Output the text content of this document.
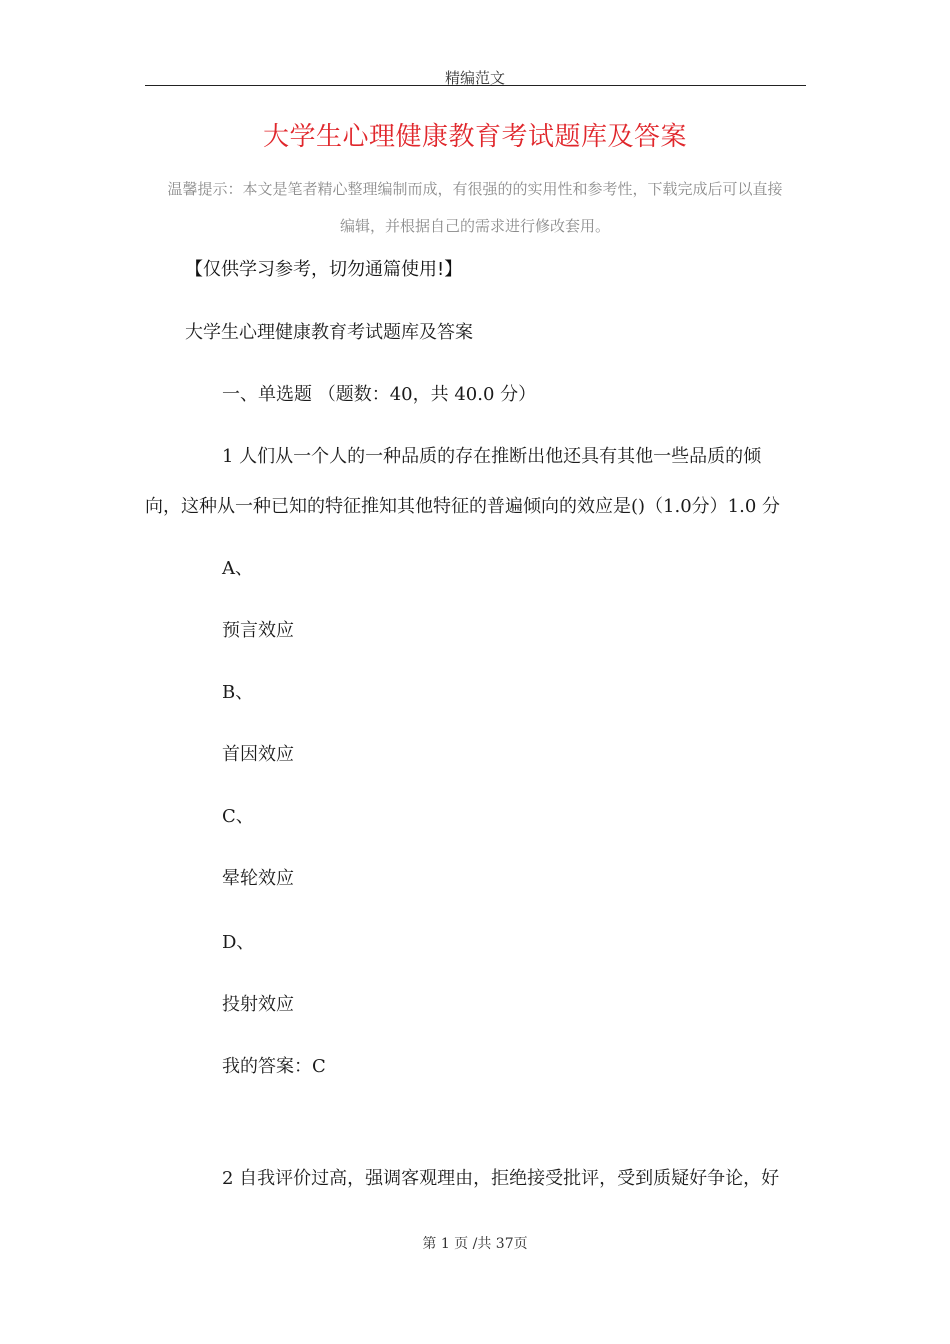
精编范文
大学生心理健康教育考试题库及答案
温馨提示：本文是笔者精心整理编制而成，有很强的的实用性和参考性，下载完成后可以直接
编辑，并根据自己的需求进行修改套用。
【仅供学习参考，切勿通篇使用!】
大学生心理健康教育考试题库及答案
一、单选题 （题数：40，共 40.0 分）
1 人们从一个人的一种品质的存在推断出他还具有其他一些品质的倾
向，这种从一种已知的特征推知其他特征的普遍倾向的效应是()（1.0分）1.0 分
A、
预言效应
B、
首因效应
C、
晕轮效应
D、
投射效应
我的答案：C
2 自我评价过高，强调客观理由，拒绝接受批评，受到质疑好争论，好
第 1 页 /共 37页
